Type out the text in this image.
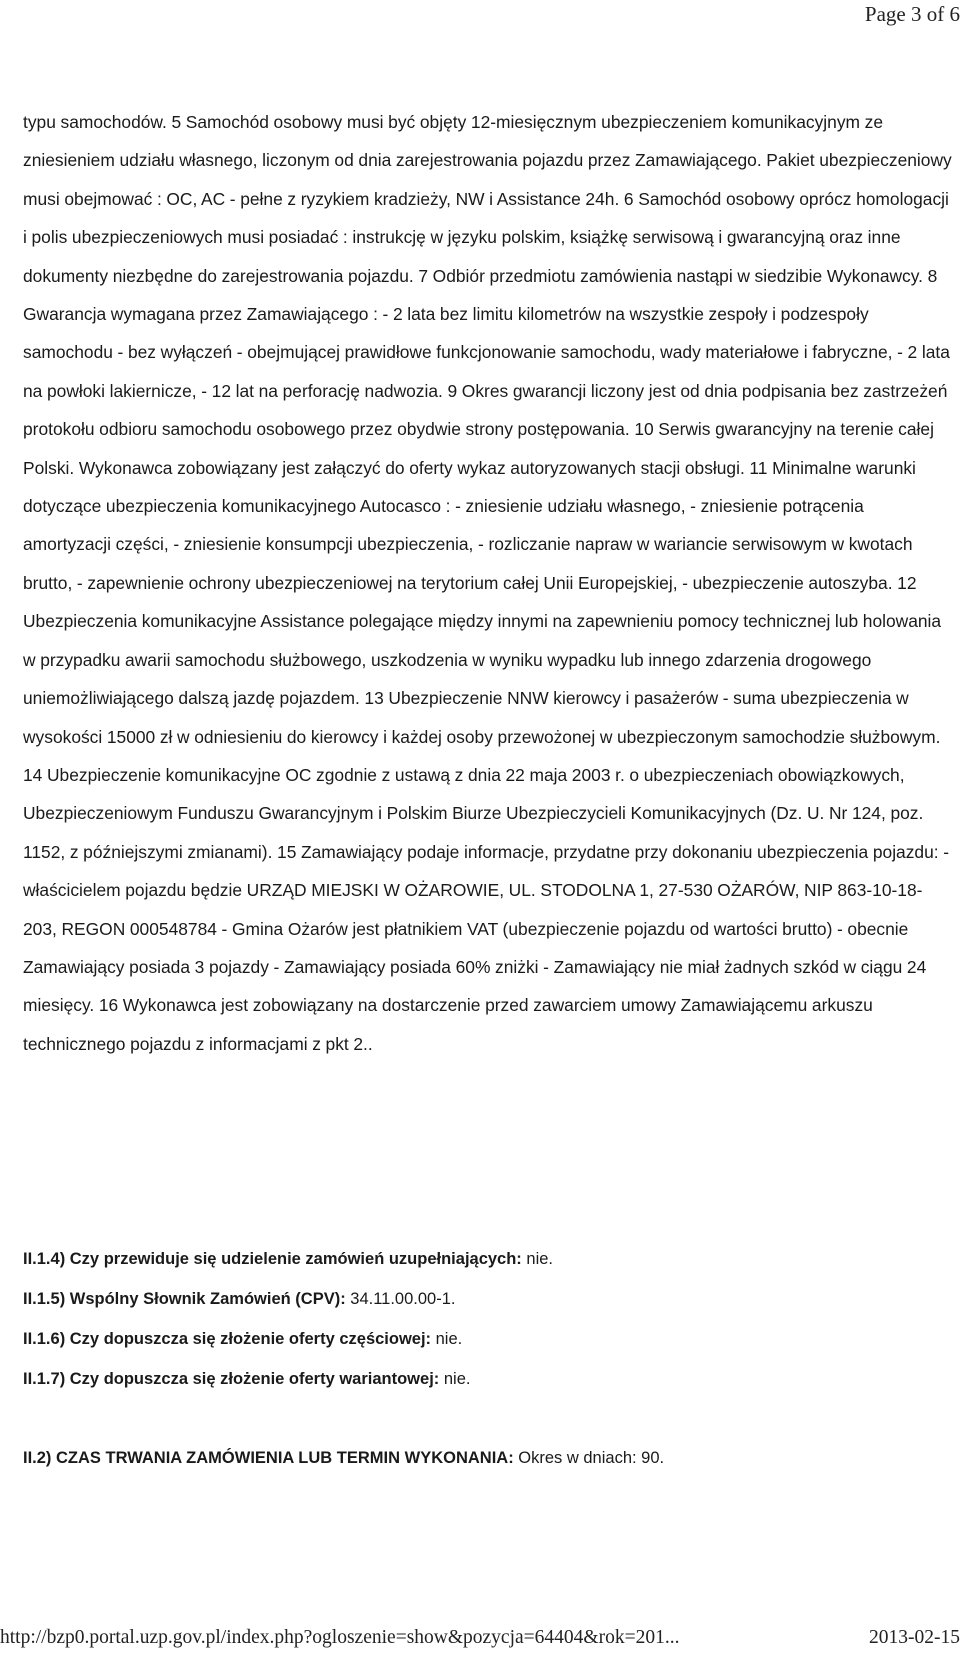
Page 3 of 6

typu samochodów. 5 Samochód osobowy musi być objęty 12-miesięcznym ubezpieczeniem komunikacyjnym ze zniesieniem udziału własnego, liczonym od dnia zarejestrowania pojazdu przez Zamawiającego. Pakiet ubezpieczeniowy musi obejmować : OC, AC - pełne z ryzykiem kradzieży, NW i Assistance 24h. 6 Samochód osobowy oprócz homologacji i polis ubezpieczeniowych musi posiadać : instrukcję w języku polskim, książkę serwisową i gwarancyjną oraz inne dokumenty niezbędne do zarejestrowania pojazdu. 7 Odbiór przedmiotu zamówienia nastąpi w siedzibie Wykonawcy. 8 Gwarancja wymagana przez Zamawiającego : - 2 lata bez limitu kilometrów na wszystkie zespoły i podzespoły samochodu - bez wyłączeń - obejmującej prawidłowe funkcjonowanie samochodu, wady materiałowe i fabryczne, - 2 lata na powłoki lakiernicze, - 12 lat na perforację nadwozia. 9 Okres gwarancji liczony jest od dnia podpisania bez zastrzeżeń protokołu odbioru samochodu osobowego przez obydwie strony postępowania. 10 Serwis gwarancyjny na terenie całej Polski. Wykonawca zobowiązany jest załączyć do oferty wykaz autoryzowanych stacji obsługi. 11 Minimalne warunki dotyczące ubezpieczenia komunikacyjnego Autocasco : - zniesienie udziału własnego, - zniesienie potrącenia amortyzacji części, - zniesienie konsumpcji ubezpieczenia, - rozliczanie napraw w wariancie serwisowym w kwotach brutto, - zapewnienie ochrony ubezpieczeniowej na terytorium całej Unii Europejskiej, - ubezpieczenie autoszyba. 12 Ubezpieczenia komunikacyjne Assistance polegające między innymi na zapewnieniu pomocy technicznej lub holowania w przypadku awarii samochodu służbowego, uszkodzenia w wyniku wypadku lub innego zdarzenia drogowego uniemożliwiającego dalszą jazdę pojazdem. 13 Ubezpieczenie NNW kierowcy i pasażerów - suma ubezpieczenia w wysokości 15000 zł w odniesieniu do kierowcy i każdej osoby przewożonej w ubezpieczonym samochodzie służbowym. 14 Ubezpieczenie komunikacyjne OC zgodnie z ustawą z dnia 22 maja 2003 r. o ubezpieczeniach obowiązkowych, Ubezpieczeniowym Funduszu Gwarancyjnym i Polskim Biurze Ubezpieczycieli Komunikacyjnych (Dz. U. Nr 124, poz. 1152, z późniejszymi zmianami). 15 Zamawiający podaje informacje, przydatne przy dokonaniu ubezpieczenia pojazdu: - właścicielem pojazdu będzie URZĄD MIEJSKI W OŻAROWIE, UL. STODOLNA 1, 27-530 OŻARÓW, NIP 863-10-18-203, REGON 000548784 - Gmina Ożarów jest płatnikiem VAT (ubezpieczenie pojazdu od wartości brutto) - obecnie Zamawiający posiada 3 pojazdy - Zamawiający posiada 60% zniżki - Zamawiający nie miał żadnych szkód w ciągu 24 miesięcy. 16 Wykonawca jest zobowiązany na dostarczenie przed zawarciem umowy Zamawiającemu arkuszu technicznego pojazdu z informacjami z pkt 2..

II.1.4) Czy przewiduje się udzielenie zamówień uzupełniających: nie.

II.1.5) Wspólny Słownik Zamówień (CPV): 34.11.00.00-1.

II.1.6) Czy dopuszcza się złożenie oferty częściowej: nie.

II.1.7) Czy dopuszcza się złożenie oferty wariantowej: nie.

II.2) CZAS TRWANIA ZAMÓWIENIA LUB TERMIN WYKONANIA: Okres w dniach: 90.

http://bzp0.portal.uzp.gov.pl/index.php?ogloszenie=show&pozycja=64404&rok=201...	2013-02-15
